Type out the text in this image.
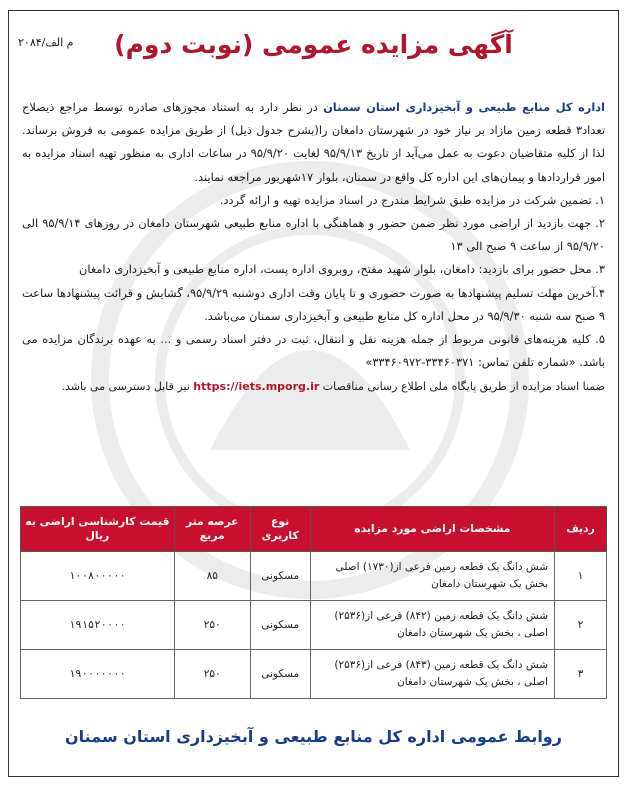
م الف/۲۰۸۴	آگهی مزایده عمومی (نوبت دوم)

اداره کل منابع طبیعی و آبخیزداری استان سمنان در نظر دارد به استناد مجوزهای صادره توسط مراجع ذیصلاح تعداد۳ قطعه زمین مازاد بر نیاز خود در شهرستان دامغان را(بشرح جدول ذیل) از طریق مزایده عمومی به فروش برساند. لذا از کلیه متقاضیان دعوت به عمل می‌آید از تاریخ ۹۵/۹/۱۳ لغایت ۹۵/۹/۲۰ در ساعات اداری به منظور تهیه اسناد مزایده به امور قراردادها و پیمان‌های این اداره کل واقع در سمنان، بلوار ۱۷شهریور مراجعه نمایند.

۱. تضمین شرکت در مزایده طبق شرایط مندرج در اسناد مزایده تهیه و ارائه گردد.

۲. جهت بازدید از اراضی مورد نظر ضمن حضور و هماهنگی با اداره منابع طبیعی شهرستان دامغان در روزهای ۹۵/۹/۱۴ الی ۹۵/۹/۲۰ از ساعت ۹ صبح الی ۱۳

۳. محل حضور برای بازدید: دامغان، بلوار شهید مفتح، روبروی اداره پست، اداره منابع طبیعی و آبخیزداری دامغان

۴.آخرین مهلت تسلیم پیشنهادها به صورت حضوری و تا پایان وقت اداری دوشنبه ۹۵/۹/۲۹، گشایش و قرائت پیشنهادها ساعت ۹ صبح سه شنبه ۹۵/۹/۳۰ در محل اداره کل منابع طبیعی و آبخیزداری سمنان می‌باشد.

۵. کلیه هزینه‌های قانونی مربوط از جمله هزینه نقل و انتقال، ثبت در دفتر اسناد رسمی و ... به عهده برندگان مزایده می باشد. «شماره تلفن تماس: ۳۳۴۶۰۳۷۱-۳۳۴۶۰۹۷۲»

ضمنا اسناد مزایده از طریق پایگاه ملی اطلاع رسانی مناقصات https://iets.mporg.ir نیز قابل دسترسی می باشد.

ردیف	مشخصات اراضی مورد مزایده	نوع کاربری	عرصه متر مربع	قیمت کارشناسی اراضی به ریال
۱	شش دانگ یک قطعه زمین فرعی از(۱۷۳۰) اصلی بخش یک شهرستان دامغان	مسکونی	۸۵	۱۰۰۸۰۰۰۰۰
۲	شش دانگ یک قطعه زمین (۸۴۲) فرعی از(۲۵۳۶) اصلی ، بخش یک شهرستان دامغان	مسکونی	۲۵۰	۱۹۱۵۲۰۰۰۰
۳	شش دانگ یک قطعه زمین (۸۴۳) فرعی از(۲۵۳۶) اصلی ، بخش یک شهرستان دامغان	مسکونی	۲۵۰	۱۹۰۰۰۰۰۰۰
روابط عمومی اداره کل منابع طبیعی و آبخیزداری استان سمنان
